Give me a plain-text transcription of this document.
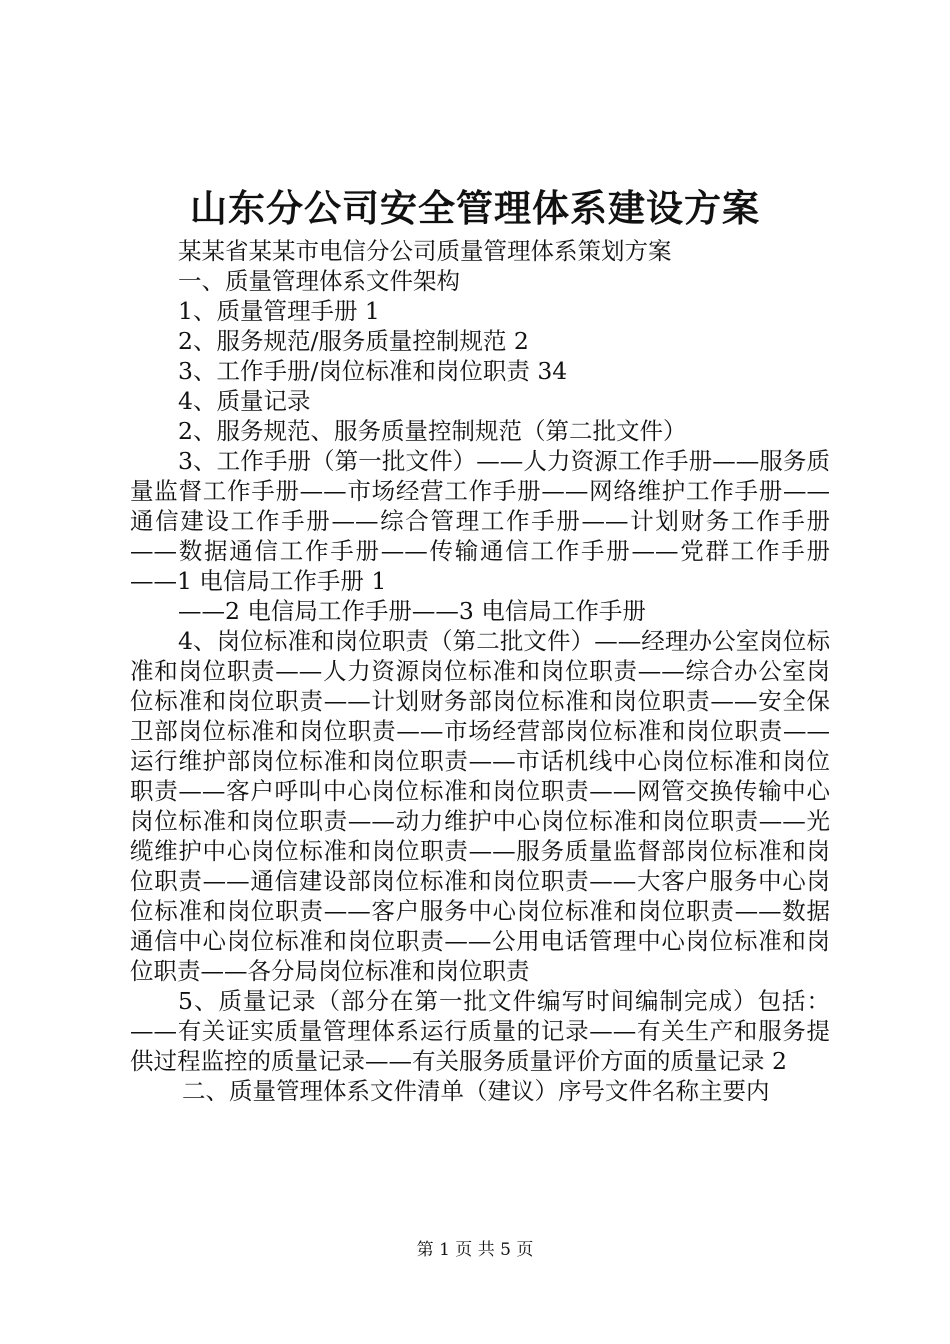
山东分公司安全管理体系建设方案

某某省某某市电信分公司质量管理体系策划方案

一、质量管理体系文件架构

1、质量管理手册 1

2、服务规范/服务质量控制规范 2

3、工作手册/岗位标准和岗位职责 34

4、质量记录

2、服务规范、服务质量控制规范（第二批文件）

3、工作手册（第一批文件）——人力资源工作手册——服务质量监督工作手册——市场经营工作手册——网络维护工作手册——通信建设工作手册——综合管理工作手册——计划财务工作手册——数据通信工作手册——传输通信工作手册——党群工作手册——1 电信局工作手册 1

——2 电信局工作手册——3 电信局工作手册

4、岗位标准和岗位职责（第二批文件）——经理办公室岗位标准和岗位职责——人力资源岗位标准和岗位职责——综合办公室岗位标准和岗位职责——计划财务部岗位标准和岗位职责——安全保卫部岗位标准和岗位职责——市场经营部岗位标准和岗位职责——运行维护部岗位标准和岗位职责——市话机线中心岗位标准和岗位职责——客户呼叫中心岗位标准和岗位职责——网管交换传输中心岗位标准和岗位职责——动力维护中心岗位标准和岗位职责——光缆维护中心岗位标准和岗位职责——服务质量监督部岗位标准和岗位职责——通信建设部岗位标准和岗位职责——大客户服务中心岗位标准和岗位职责——客户服务中心岗位标准和岗位职责——数据通信中心岗位标准和岗位职责——公用电话管理中心岗位标准和岗位职责——各分局岗位标准和岗位职责

5、质量记录（部分在第一批文件编写时间编制完成）包括：——有关证实质量管理体系运行质量的记录——有关生产和服务提供过程监控的质量记录——有关服务质量评价方面的质量记录 2

二、质量管理体系文件清单（建议）序号文件名称主要内

第 1 页 共 5 页
